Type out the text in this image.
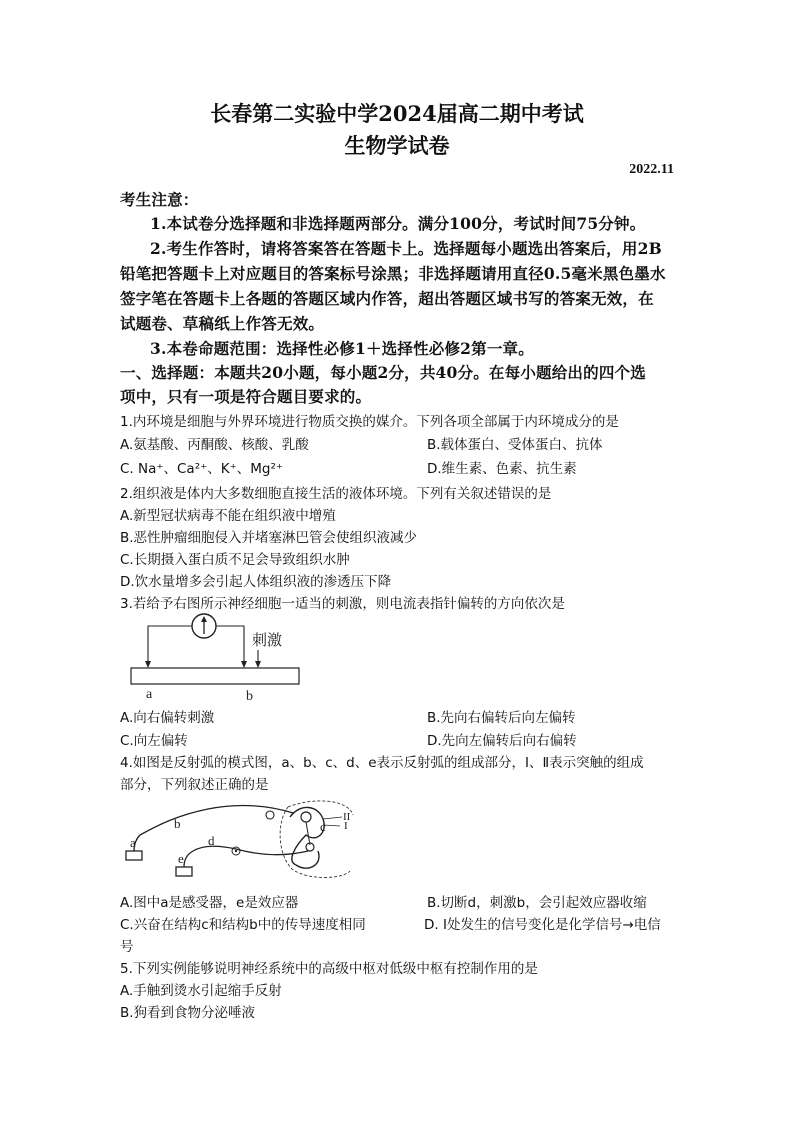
长春第二实验中学2024届高二期中考试
生物学试卷
2022.11
考生注意：
1.本试卷分选择题和非选择题两部分。满分100分，考试时间75分钟。
2.考生作答时，请将答案答在答题卡上。选择题每小题选出答案后，用2B
铅笔把答题卡上对应题目的答案标号涂黑；非选择题请用直径0.5毫米黑色墨水
签字笔在答题卡上各题的答题区域内作答，超出答题区域书写的答案无效，在
试题卷、草稿纸上作答无效。
3.本卷命题范围：选择性必修1＋选择性必修2第一章。
一、选择题：本题共20小题，每小题2分，共40分。在每小题给出的四个选
项中，只有一项是符合题目要求的。
1.内环境是细胞与外界环境进行物质交换的媒介。下列各项全部属于内环境成分的是
A.氨基酸、丙酮酸、核酸、乳酸	B.载体蛋白、受体蛋白、抗体
C. Na⁺、Ca²⁺、K⁺、Mg²⁺	D.维生素、色素、抗生素
2.组织液是体内大多数细胞直接生活的液体环境。下列有关叙述错误的是
A.新型冠状病毒不能在组织液中增殖
B.恶性肿瘤细胞侵入并堵塞淋巴管会使组织液减少
C.长期摄入蛋白质不足会导致组织水肿
D.饮水量增多会引起人体组织液的渗透压下降
3.若给予右图所示神经细胞一适当的刺激，则电流表指针偏转的方向依次是
刺激
a	b
A.向右偏转刺激	B.先向右偏转后向左偏转
C.向左偏转	D.先向左偏转后向右偏转
4.如图是反射弧的模式图，a、b、c、d、e表示反射弧的组成部分，Ⅰ、Ⅱ表示突触的组成
部分，下列叙述正确的是
a
b	c
d
e
I
II
A.图中a是感受器，e是效应器	B.切断d，刺激b，会引起效应器收缩
C.兴奋在结构c和结构b中的传导速度相同	D. Ⅰ处发生的信号变化是化学信号→电信
号
5.下列实例能够说明神经系统中的高级中枢对低级中枢有控制作用的是
A.手触到烫水引起缩手反射
B.狗看到食物分泌唾液
